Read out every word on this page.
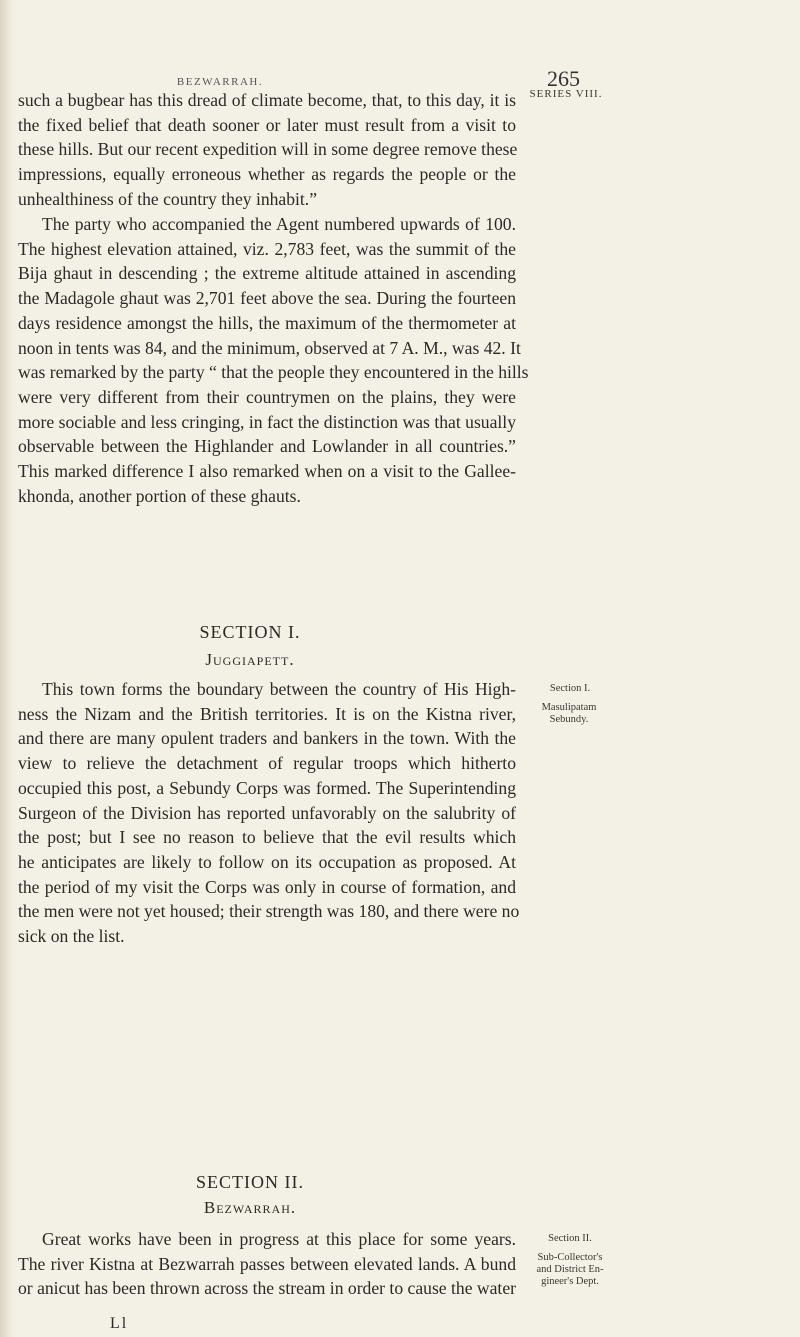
BEZWARRAH.	265
SERIES VIII.
such a bugbear has this dread of climate become, that, to this day, it is
the fixed belief that death sooner or later must result from a visit to
these hills. But our recent expedition will in some degree remove these
impressions, equally erroneous whether as regards the people or the
unhealthiness of the country they inhabit.”
The party who accompanied the Agent numbered upwards of 100.
The highest elevation attained, viz. 2,783 feet, was the summit of the
Bija ghaut in descending ; the extreme altitude attained in ascending
the Madagole ghaut was 2,701 feet above the sea. During the fourteen
days residence amongst the hills, the maximum of the thermometer at
noon in tents was 84, and the minimum, observed at 7 A. M., was 42. It
was remarked by the party “ that the people they encountered in the hills
were very different from their countrymen on the plains, they were
more sociable and less cringing, in fact the distinction was that usually
observable between the Highlander and Lowlander in all countries.”
This marked difference I also remarked when on a visit to the Gallee-
khonda, another portion of these ghauts.
SECTION I.
Juggiapett.
Section I.
Masulipatam Sebundy.
This town forms the boundary between the country of His High-
ness the Nizam and the British territories. It is on the Kistna river,
and there are many opulent traders and bankers in the town. With the
view to relieve the detachment of regular troops which hitherto
occupied this post, a Sebundy Corps was formed. The Superintending
Surgeon of the Division has reported unfavorably on the salubrity of
the post; but I see no reason to believe that the evil results which
he anticipates are likely to follow on its occupation as proposed. At
the period of my visit the Corps was only in course of formation, and
the men were not yet housed; their strength was 180, and there were no
sick on the list.
SECTION II.
Bezwarrah.
Section II.
Sub-Collector's
and District En-
gineer's Dept.
Great works have been in progress at this place for some years.
The river Kistna at Bezwarrah passes between elevated lands. A bund
or anicut has been thrown across the stream in order to cause the water
Ll
